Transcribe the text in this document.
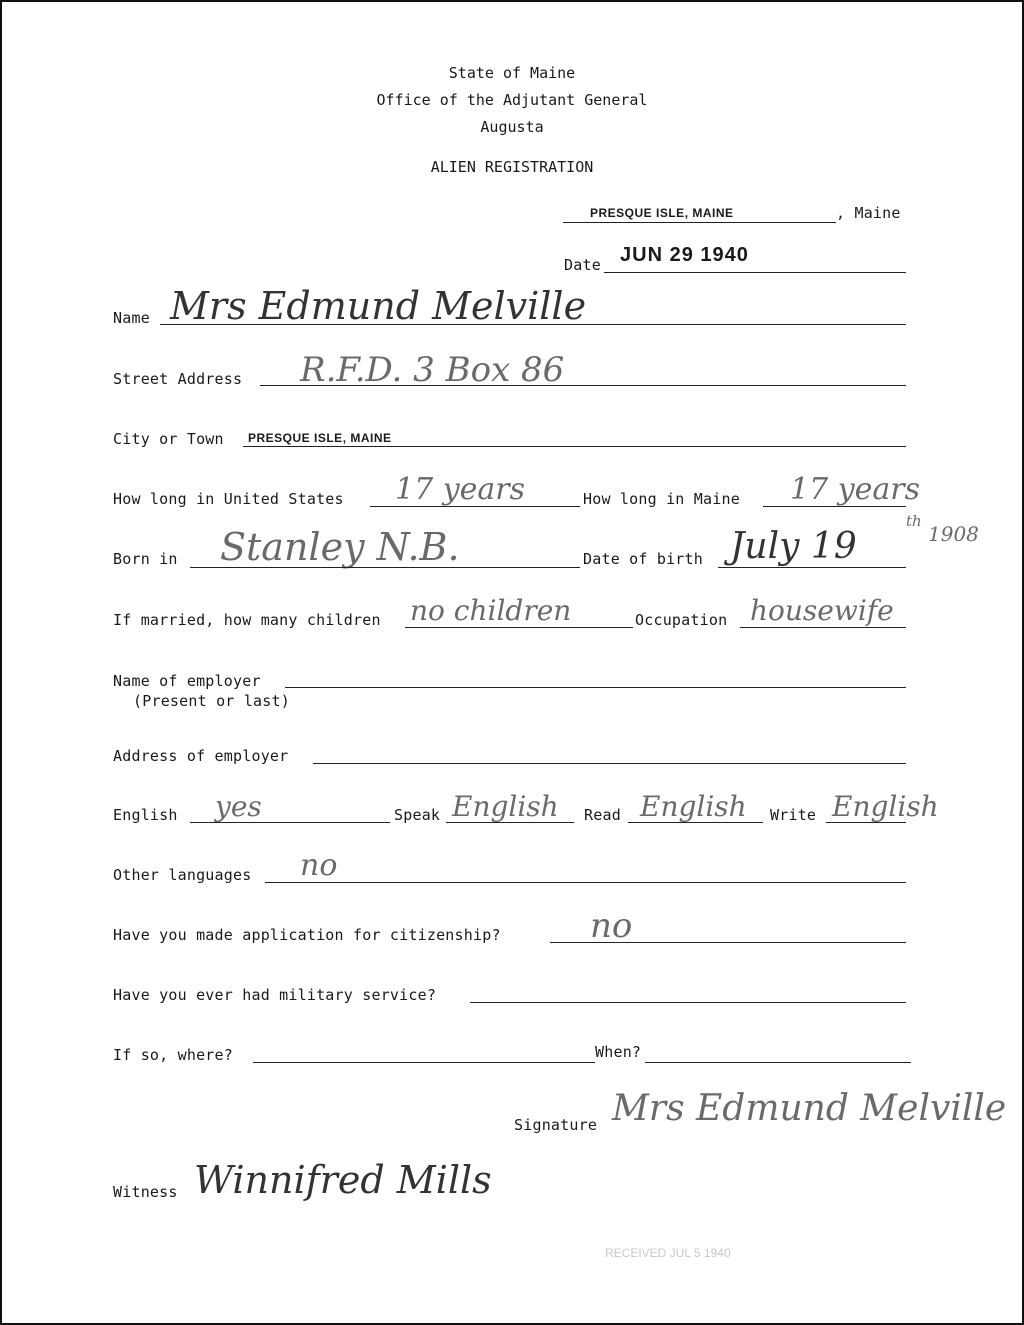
State of Maine
Office of the Adjutant General
Augusta
ALIEN REGISTRATION
PRESQUE ISLE, MAINE	, Maine
Date JUN 29 1940
Name Mrs Edmund Melville
Street Address R.F.D. 3 Box 86
City or Town PRESQUE ISLE, MAINE
How long in United States 17 years	How long in Maine 17 years
Born in Stanley N.B.	Date of birth July 19
th
1908
If married, how many children no children	Occupation housewife
Name of employer
(Present or last)
Address of employer
English yes	Speak English Read English Write English
Other languages no
Have you made application for citizenship?	no
Have you ever had military service?
If so, where?	When?
Signature Mrs Edmund Melville
Witness Winnifred Mills
RECEIVED JUL 5 1940
